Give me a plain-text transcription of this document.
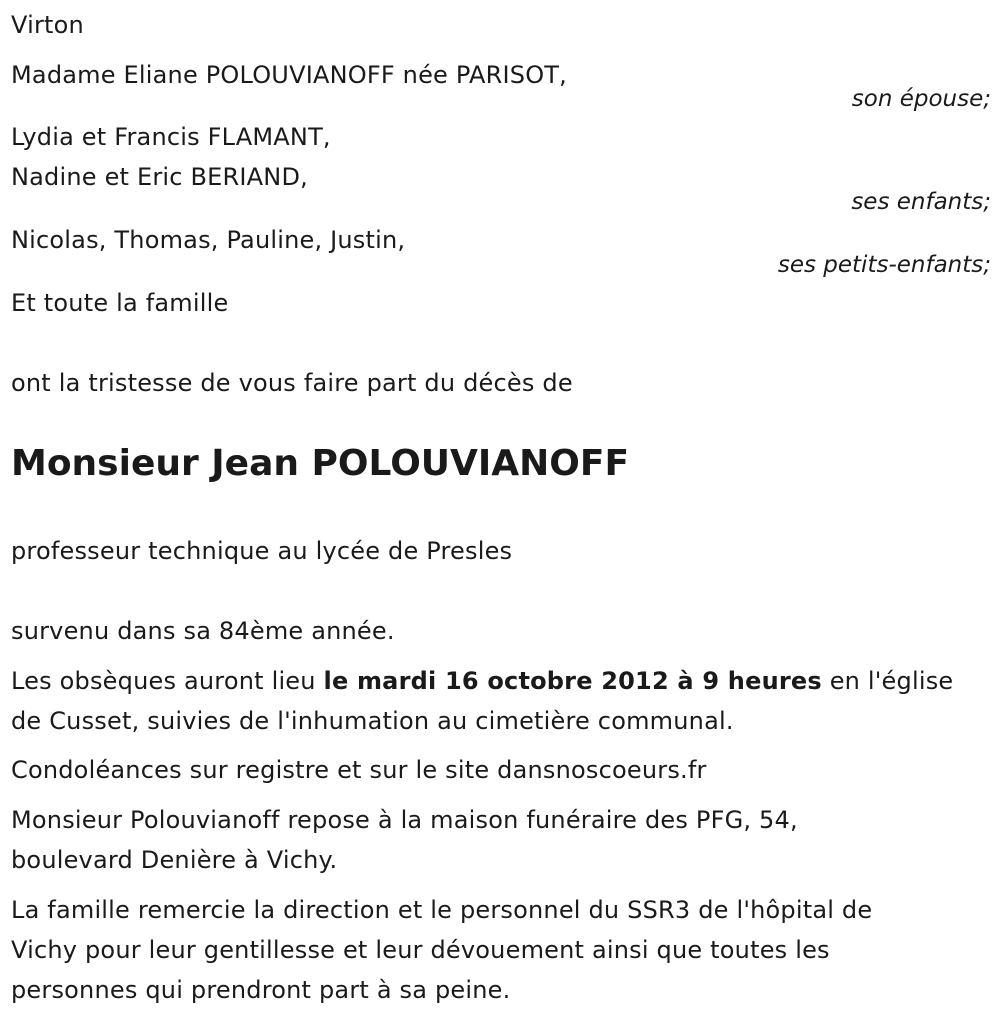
Virton
Madame Eliane POLOUVIANOFF née PARISOT,
son épouse;
Lydia et Francis FLAMANT,
Nadine et Eric BERIAND,
ses enfants;
Nicolas, Thomas, Pauline, Justin,
ses petits-enfants;
Et toute la famille
ont la tristesse de vous faire part du décès de
Monsieur Jean POLOUVIANOFF
professeur technique au lycée de Presles
survenu dans sa 84ème année.
Les obsèques auront lieu le mardi 16 octobre 2012 à 9 heures en l'église
de Cusset, suivies de l'inhumation au cimetière communal.
Condoléances sur registre et sur le site dansnoscoeurs.fr
Monsieur Polouvianoff repose à la maison funéraire des PFG, 54,
boulevard Denière à Vichy.
La famille remercie la direction et le personnel du SSR3 de l'hôpital de
Vichy pour leur gentillesse et leur dévouement ainsi que toutes les
personnes qui prendront part à sa peine.
